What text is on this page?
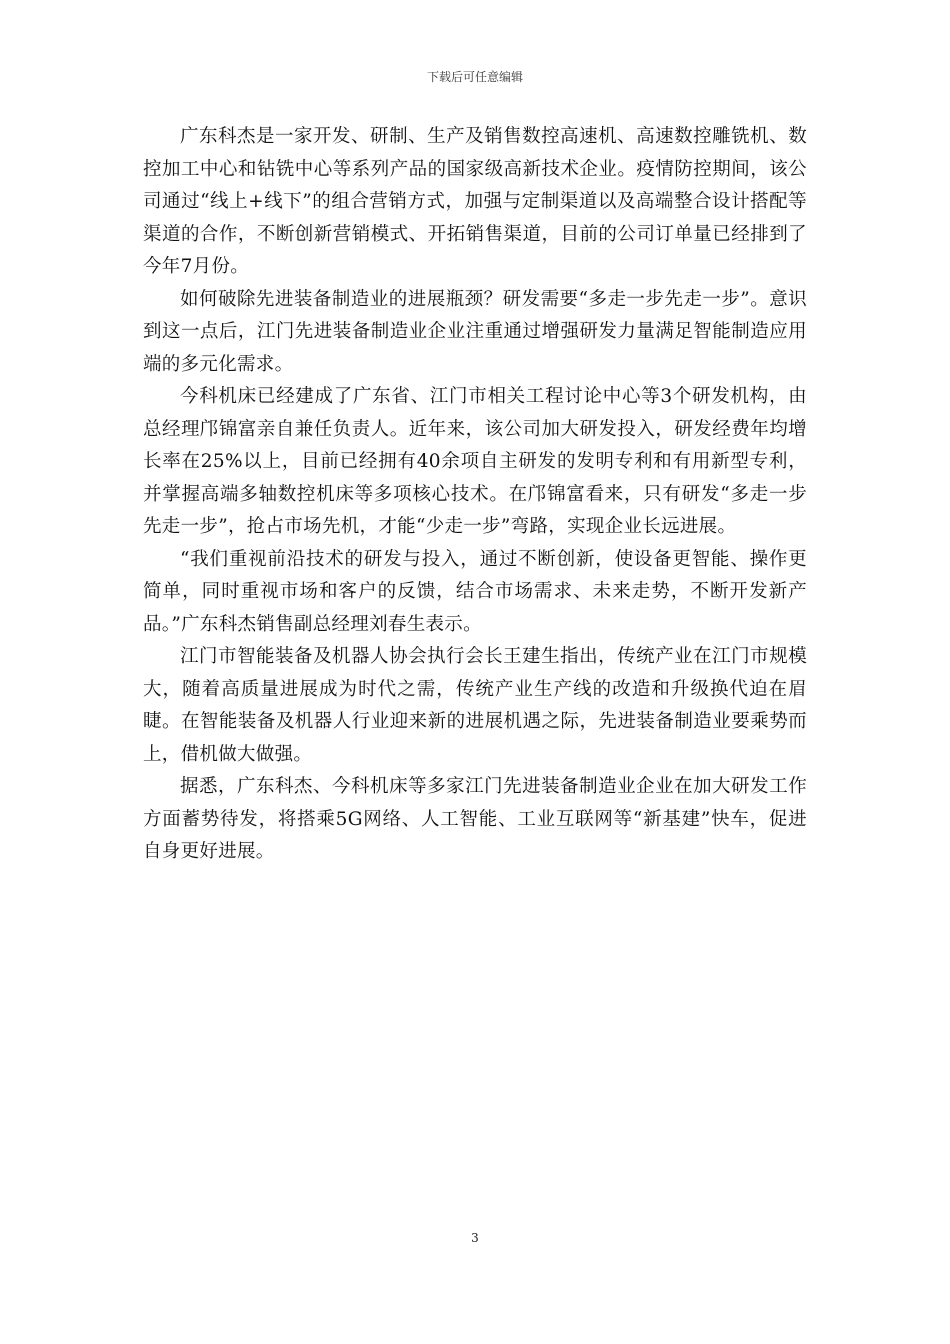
下载后可任意编辑

广东科杰是一家开发、研制、生产及销售数控高速机、高速数控雕铣机、数控加工中心和钻铣中心等系列产品的国家级高新技术企业。疫情防控期间，该公司通过“线上+线下”的组合营销方式，加强与定制渠道以及高端整合设计搭配等渠道的合作，不断创新营销模式、开拓销售渠道，目前的公司订单量已经排到了今年7月份。

如何破除先进装备制造业的进展瓶颈？研发需要“多走一步先走一步”。意识到这一点后，江门先进装备制造业企业注重通过增强研发力量满足智能制造应用端的多元化需求。

今科机床已经建成了广东省、江门市相关工程讨论中心等3个研发机构，由总经理邝锦富亲自兼任负责人。近年来，该公司加大研发投入，研发经费年均增长率在25%以上，目前已经拥有40余项自主研发的发明专利和有用新型专利，并掌握高端多轴数控机床等多项核心技术。在邝锦富看来，只有研发“多走一步先走一步”，抢占市场先机，才能“少走一步”弯路，实现企业长远进展。

“我们重视前沿技术的研发与投入，通过不断创新，使设备更智能、操作更简单，同时重视市场和客户的反馈，结合市场需求、未来走势，不断开发新产品。”广东科杰销售副总经理刘春生表示。

江门市智能装备及机器人协会执行会长王建生指出，传统产业在江门市规模大，随着高质量进展成为时代之需，传统产业生产线的改造和升级换代迫在眉睫。在智能装备及机器人行业迎来新的进展机遇之际，先进装备制造业要乘势而上，借机做大做强。

据悉，广东科杰、今科机床等多家江门先进装备制造业企业在加大研发工作方面蓄势待发，将搭乘5G网络、人工智能、工业互联网等“新基建”快车，促进自身更好进展。

3
